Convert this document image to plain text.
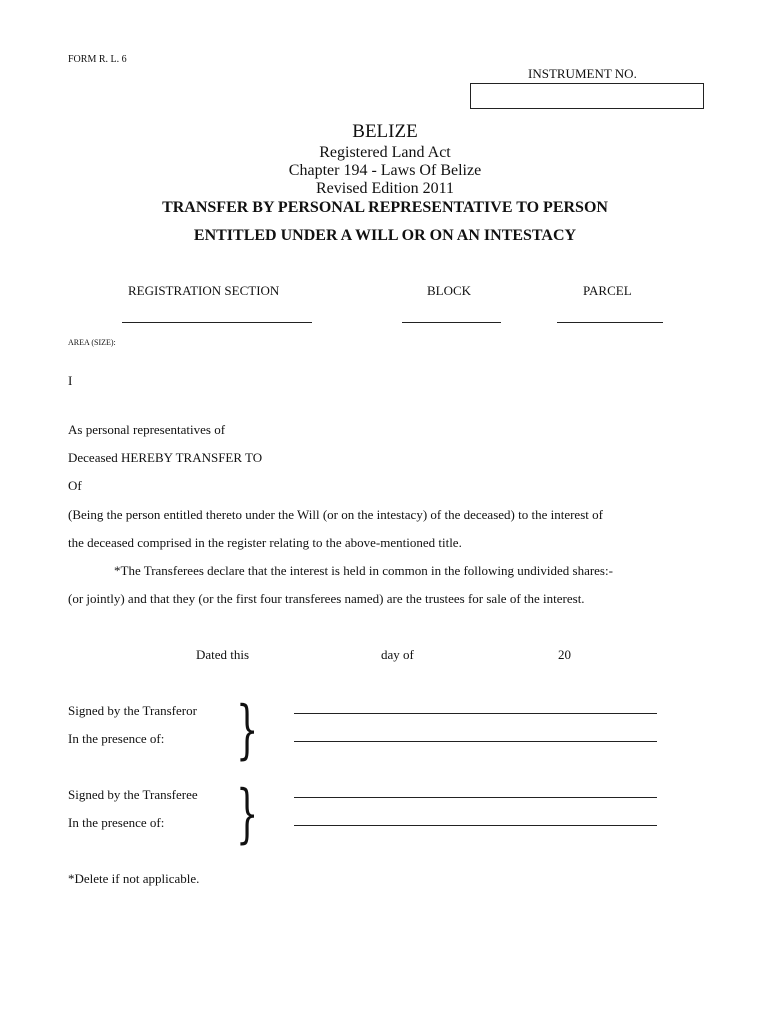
FORM R. L. 6
INSTRUMENT NO.
BELIZE
Registered Land Act
Chapter 194 - Laws Of Belize
Revised Edition 2011
TRANSFER BY PERSONAL REPRESENTATIVE TO PERSON
ENTITLED UNDER A WILL OR ON AN INTESTACY
REGISTRATION SECTION	BLOCK	PARCEL
AREA (SIZE):
I
As personal representatives of
Deceased HEREBY TRANSFER TO
Of
(Being the person entitled thereto under the Will (or on the intestacy) of the deceased) to the interest of
the deceased comprised in the register relating to the above-mentioned title.
*The Transferees declare that the interest is held in common in the following undivided shares:-
(or jointly) and that they (or the first four transferees named) are the trustees for sale of the interest.
Dated this	day of	20
Signed by the Transferor
In the presence of: }
Signed by the Transferee
In the presence of: }
*Delete if not applicable.
